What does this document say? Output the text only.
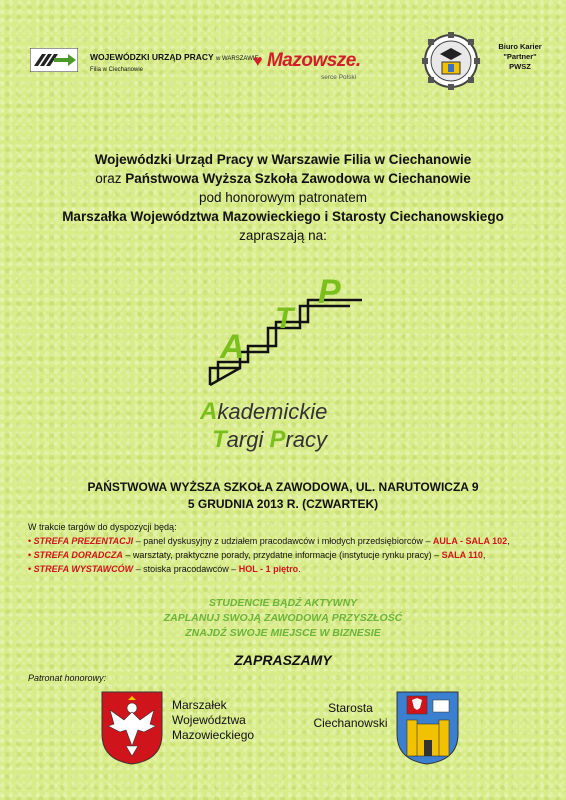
WOJEWÓDZKI URZĄD PRACY w WARSZAWIE
Filia w Ciechanowie	♥ Mazowsze.
serce Polski
Biuro Karier
"Partner"
PWSZ
Wojewódzki Urząd Pracy w Warszawie Filia w Ciechanowie
oraz Państwowa Wyższa Szkoła Zawodowa w Ciechanowie
pod honorowym patronatem
Marszałka Województwa Mazowieckiego i Starosty Ciechanowskiego
zapraszają na:
A
T
P
Akademickie
Targi Pracy
PAŃSTWOWA WYŻSZA SZKOŁA ZAWODOWA, UL. NARUTOWICZA 9
5 GRUDNIA 2013 R. (CZWARTEK)
W trakcie targów do dyspozycji będą:
• STREFA PREZENTACJI – panel dyskusyjny z udziałem pracodawców i młodych przedsiębiorców – AULA - SALA 102,
• STREFA DORADCZA – warsztaty, praktyczne porady, przydatne informacje (instytucje rynku pracy) – SALA 110,
• STREFA WYSTAWCÓW – stoiska pracodawców – HOL - 1 piętro.
STUDENCIE BĄDŹ AKTYWNY
ZAPLANUJ SWOJĄ ZAWODOWĄ PRZYSZŁOŚĆ
ZNAJDŹ SWOJE MIEJSCE W BIZNESIE
ZAPRASZAMY
Patronat honorowy:
Marszałek
Województwa
Mazowieckiego
Starosta
Ciechanowski
